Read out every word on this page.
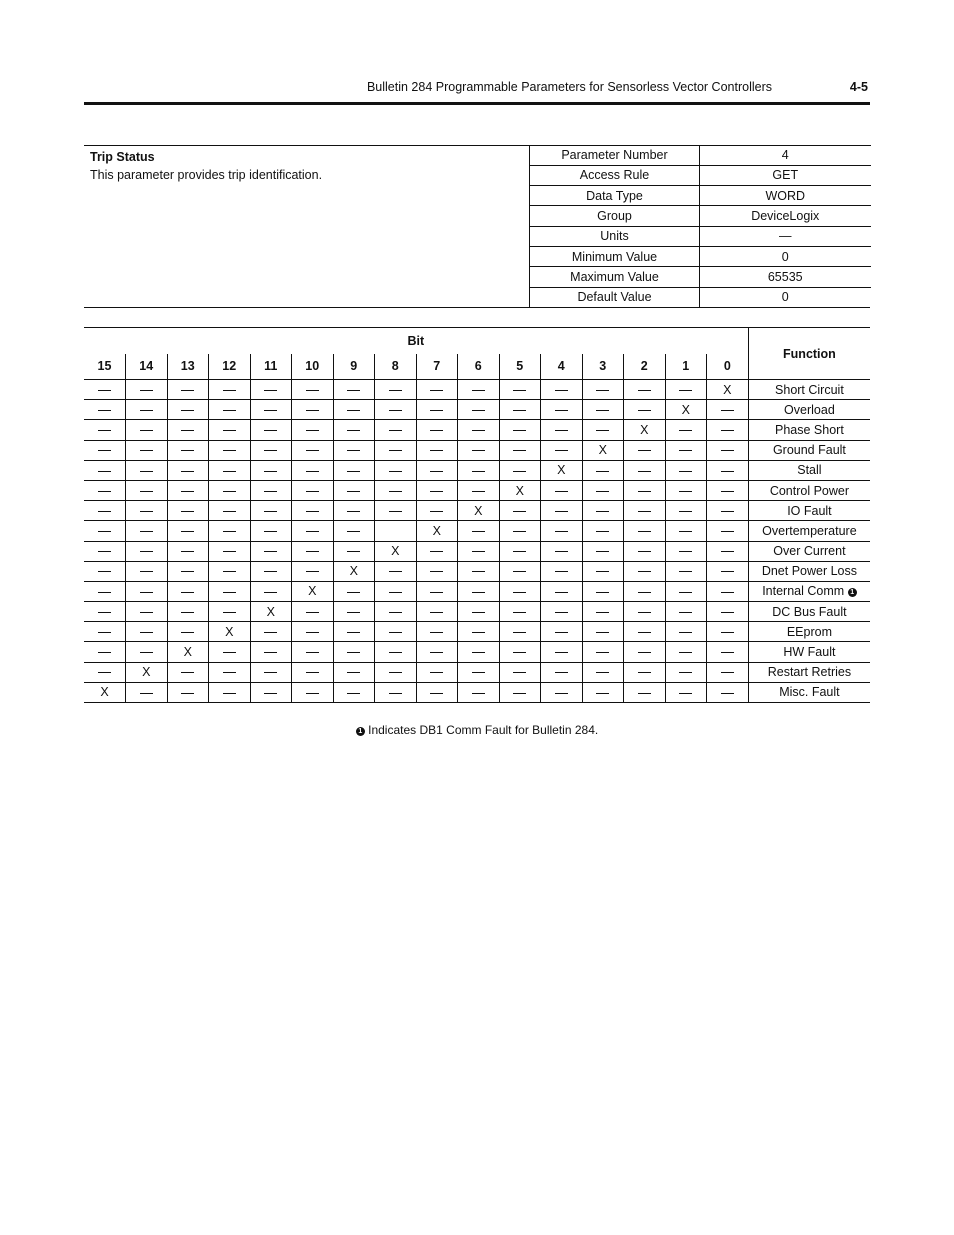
Bulletin 284 Programmable Parameters for Sensorless Vector Controllers	4-5
Trip Status
This parameter provides trip identification.
Parameter Number	4
Access Rule	GET
Data Type	WORD
Group	DeviceLogix
Units	—
Minimum Value	0
Maximum Value	65535
Default Value	0
Bit																Function
15	14	13	12	11	10	9	8	7	6	5	4	3	2	1	0	
															X	Short Circuit
														X		Overload
													X			Phase Short
												X				Ground Fault
											X					Stall
										X						Control Power
									X							IO Fault
								X								Overtemperature
							X									Over Current
						X										Dnet Power Loss
					X											Internal Comm 1
				X												DC Bus Fault
			X													EEprom
		X														HW Fault
	X															Restart Retries
X																Misc. Fault
1 Indicates DB1 Comm Fault for Bulletin 284.
